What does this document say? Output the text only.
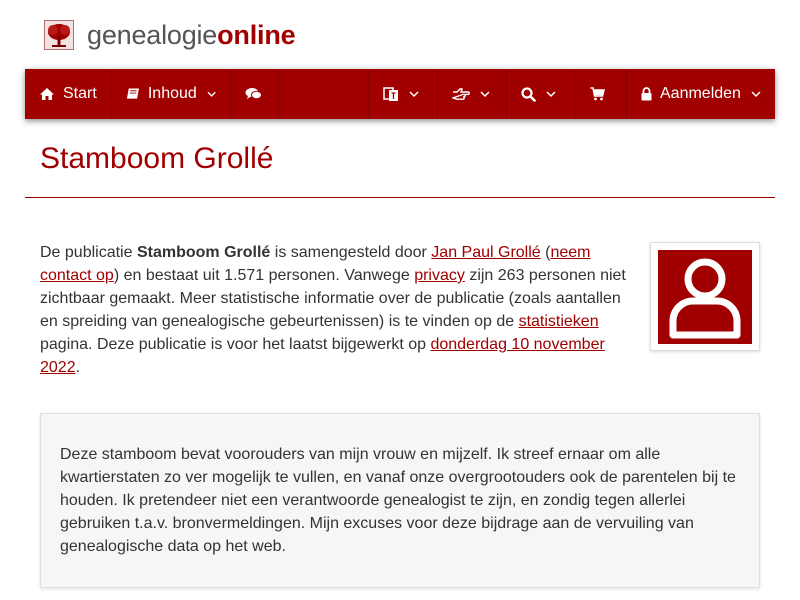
genealogieonline
Start	Inhoud	Aanmelden
Stamboom Grollé

De publicatie Stamboom Grollé is samengesteld door Jan Paul Grollé (neem contact op) en bestaat uit 1.571 personen. Vanwege privacy zijn 263 personen niet zichtbaar gemaakt. Meer statistische informatie over de publicatie (zoals aantallen en spreiding van genealogische gebeurtenissen) is te vinden op de statistieken pagina. Deze publicatie is voor het laatst bijgewerkt op donderdag 10 november 2022.

Deze stamboom bevat voorouders van mijn vrouw en mijzelf. Ik streef ernaar om alle kwartierstaten zo ver mogelijk te vullen, en vanaf onze overgrootouders ook de parentelen bij te houden. Ik pretendeer niet een verantwoorde genealogist te zijn, en zondig tegen allerlei gebruiken t.a.v. bronvermeldingen. Mijn excuses voor deze bijdrage aan de vervuiling van genealogische data op het web.
